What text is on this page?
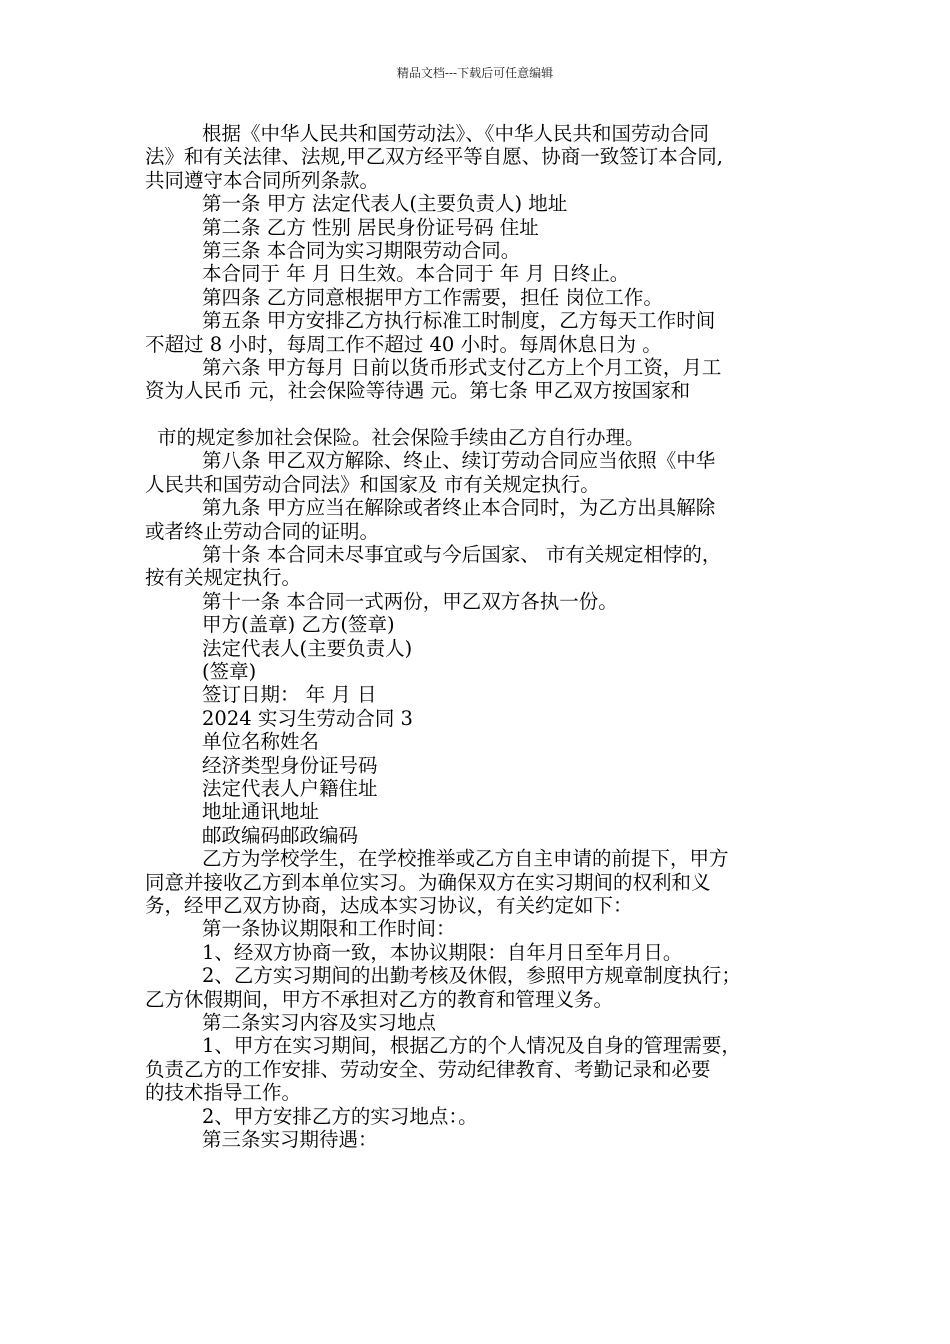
精品文档---下载后可任意编辑

根据《中华人民共和国劳动法》、《中华人民共和国劳动合同

法》和有关法律、法规,甲乙双方经平等自愿、协商一致签订本合同,

共同遵守本合同所列条款。

第一条 甲方 法定代表人(主要负责人) 地址

第二条 乙方 性别 居民身份证号码 住址

第三条 本合同为实习期限劳动合同。

本合同于 年 月 日生效。本合同于 年 月 日终止。

第四条 乙方同意根据甲方工作需要，担任 岗位工作。

第五条 甲方安排乙方执行标准工时制度，乙方每天工作时间

不超过 8 小时，每周工作不超过 40 小时。每周休息日为 。

第六条 甲方每月 日前以货币形式支付乙方上个月工资，月工

资为人民币 元，社会保险等待遇 元。第七条 甲乙双方按国家和

市的规定参加社会保险。社会保险手续由乙方自行办理。

第八条 甲乙双方解除、终止、续订劳动合同应当依照《中华

人民共和国劳动合同法》和国家及 市有关规定执行。

第九条 甲方应当在解除或者终止本合同时，为乙方出具解除

或者终止劳动合同的证明。

第十条 本合同未尽事宜或与今后国家、 市有关规定相悖的，

按有关规定执行。

第十一条 本合同一式两份，甲乙双方各执一份。

甲方(盖章) 乙方(签章)

法定代表人(主要负责人)

(签章)

签订日期： 年 月 日

2024 实习生劳动合同 3

单位名称姓名

经济类型身份证号码

法定代表人户籍住址

地址通讯地址

邮政编码邮政编码

乙方为学校学生，在学校推举或乙方自主申请的前提下，甲方

同意并接收乙方到本单位实习。为确保双方在实习期间的权利和义

务，经甲乙双方协商，达成本实习协议，有关约定如下：

第一条协议期限和工作时间：

1、经双方协商一致，本协议期限：自年月日至年月日。

2、乙方实习期间的出勤考核及休假，参照甲方规章制度执行；

乙方休假期间，甲方不承担对乙方的教育和管理义务。

第二条实习内容及实习地点

1、甲方在实习期间，根据乙方的个人情况及自身的管理需要，

负责乙方的工作安排、劳动安全、劳动纪律教育、考勤记录和必要

的技术指导工作。

2、甲方安排乙方的实习地点：。

第三条实习期待遇：
